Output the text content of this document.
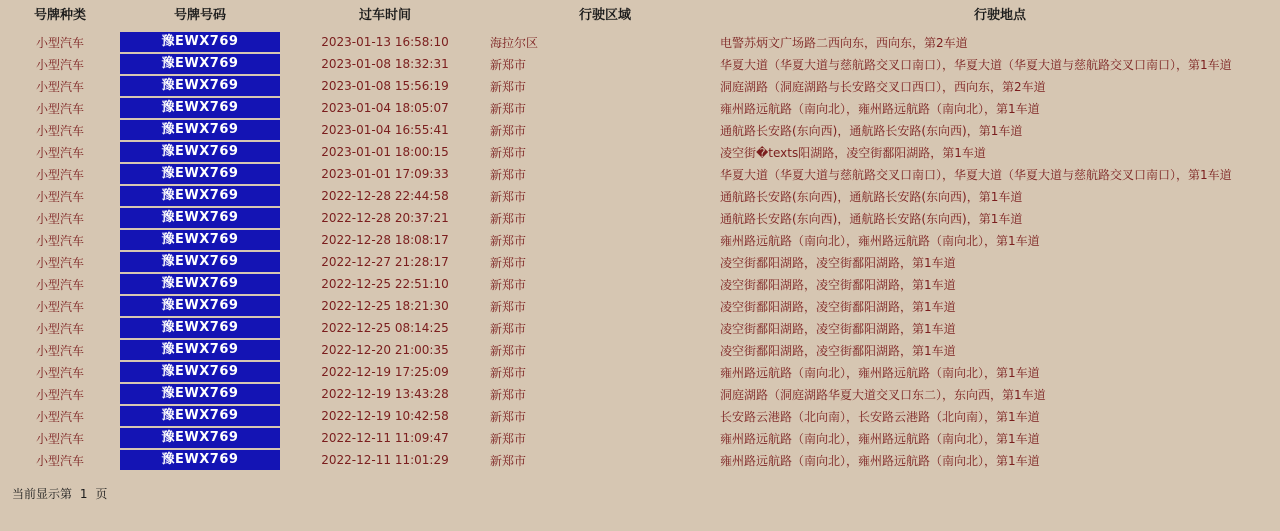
号牌种类	号牌号码	过车时间	行驶区域	行驶地点
小型汽车	豫EWX769	2023-01-13 16:58:10	海拉尔区	电警苏炳文广场路二西向东，西向东，第2车道
小型汽车	豫EWX769	2023-01-08 18:32:31	新郑市	华夏大道（华夏大道与慈航路交叉口南口），华夏大道（华夏大道与慈航路交叉口南口），第1车道
小型汽车	豫EWX769	2023-01-08 15:56:19	新郑市	洞庭湖路（洞庭湖路与长安路交叉口西口），西向东，第2车道
小型汽车	豫EWX769	2023-01-04 18:05:07	新郑市	雍州路远航路（南向北），雍州路远航路（南向北），第1车道
小型汽车	豫EWX769	2023-01-04 16:55:41	新郑市	通航路长安路(东向西)，通航路长安路(东向西)，第1车道
小型汽车	豫EWX769	2023-01-01 18:00:15	新郑市	凌空街�texts阳湖路，凌空街鄱阳湖路，第1车道
小型汽车	豫EWX769	2023-01-01 17:09:33	新郑市	华夏大道（华夏大道与慈航路交叉口南口），华夏大道（华夏大道与慈航路交叉口南口），第1车道
小型汽车	豫EWX769	2022-12-28 22:44:58	新郑市	通航路长安路(东向西)，通航路长安路(东向西)，第1车道
小型汽车	豫EWX769	2022-12-28 20:37:21	新郑市	通航路长安路(东向西)，通航路长安路(东向西)，第1车道
小型汽车	豫EWX769	2022-12-28 18:08:17	新郑市	雍州路远航路（南向北），雍州路远航路（南向北），第1车道
小型汽车	豫EWX769	2022-12-27 21:28:17	新郑市	凌空街鄱阳湖路，凌空街鄱阳湖路，第1车道
小型汽车	豫EWX769	2022-12-25 22:51:10	新郑市	凌空街鄱阳湖路，凌空街鄱阳湖路，第1车道
小型汽车	豫EWX769	2022-12-25 18:21:30	新郑市	凌空街鄱阳湖路，凌空街鄱阳湖路，第1车道
小型汽车	豫EWX769	2022-12-25 08:14:25	新郑市	凌空街鄱阳湖路，凌空街鄱阳湖路，第1车道
小型汽车	豫EWX769	2022-12-20 21:00:35	新郑市	凌空街鄱阳湖路，凌空街鄱阳湖路，第1车道
小型汽车	豫EWX769	2022-12-19 17:25:09	新郑市	雍州路远航路（南向北），雍州路远航路（南向北），第1车道
小型汽车	豫EWX769	2022-12-19 13:43:28	新郑市	洞庭湖路（洞庭湖路华夏大道交叉口东二），东向西，第1车道
小型汽车	豫EWX769	2022-12-19 10:42:58	新郑市	长安路云港路（北向南），长安路云港路（北向南），第1车道
小型汽车	豫EWX769	2022-12-11 11:09:47	新郑市	雍州路远航路（南向北），雍州路远航路（南向北），第1车道
小型汽车	豫EWX769	2022-12-11 11:01:29	新郑市	雍州路远航路（南向北），雍州路远航路（南向北），第1车道
当前显示第 1 页
